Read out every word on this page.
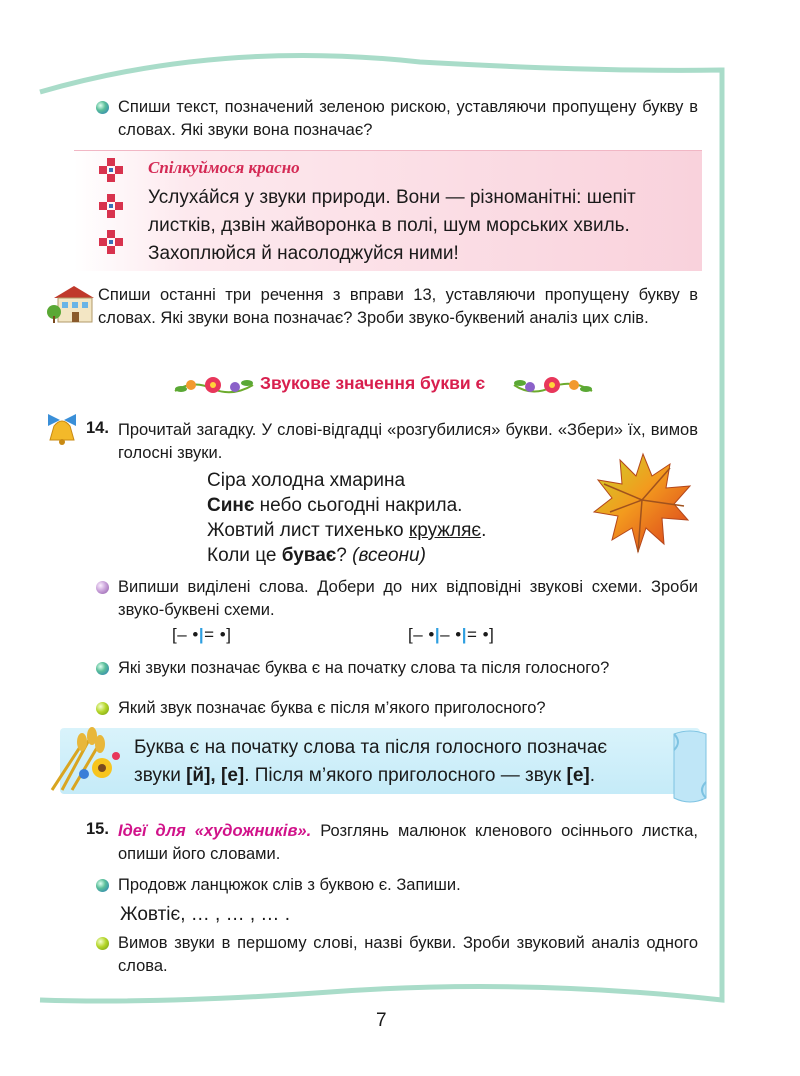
Спиши текст, позначений зеленою рискою, уставляючи пропущену букву в словах. Які звуки вона позначає?
Спілкуймося красно
Услухáйся у звуки природи. Вони — різноманітні: шепіт
листків, дзвін жайворонка в полі, шум морських хвиль.
Захоплюйся й насолоджуйся ними!
Спиши останні три речення з вправи 13, уставляючи пропущену букву в словах. Які звуки вона позначає? Зроби звуко-буквений аналіз цих слів.
Звукове значення букви є
14. Прочитай загадку. У слові-відгадці «розгубилися» букви. «Збери» їх, вимов голосні звуки.
Сіра холодна хмарина
Синє небо сьогодні накрила.
Жовтий лист тихенько кружляє.
Коли це буває? (всеони)
Випиши виділені слова. Добери до них відповідні звукові схеми. Зроби звуко-буквені схеми.
[– •|= •]	[– •|– •|= •]
Які звуки позначає буква є на початку слова та після голосного?
Який звук позначає буква є після м’якого приголосного?
Буква є на початку слова та після голосного позначає
звуки [й], [е]. Після м’якого приголосного — звук [е].
15. Ідеї для «художників». Розглянь малюнок кленового осіннього листка, опиши його словами.
Продовж ланцюжок слів з буквою є. Запиши.
Жовтіє, … , … , … .
Вимов звуки в першому слові, назві букви. Зроби звуковий аналіз одного слова.
7
